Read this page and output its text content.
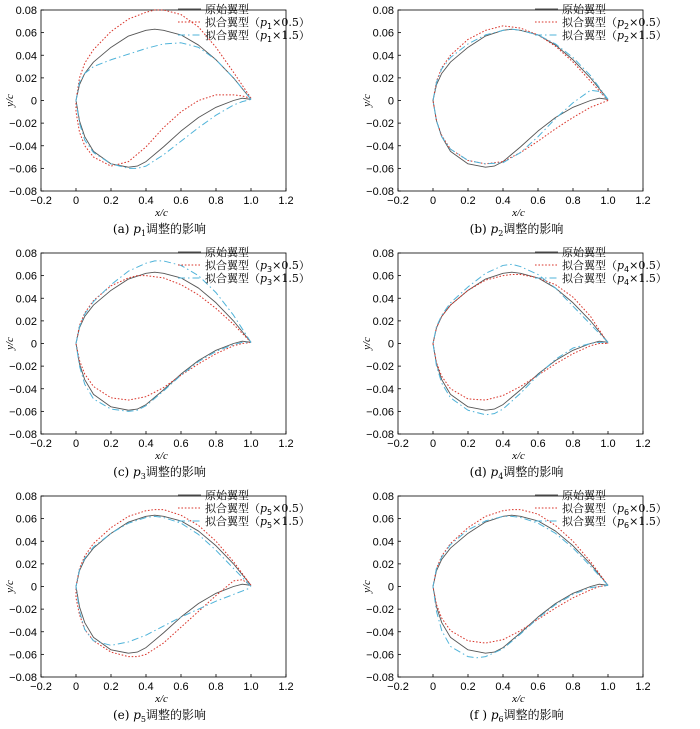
−0.2 0 0.2 0.4 0.6 0.8 1.0 1.2
0.08
0.06
0.04
0.02
0
−0.02
−0.04
−0.06
−0.08
x/c
y/c
原始翼型
拟合翼型$(p_1\times 0.5)$
拟合翼型$(p_1\times 1.5)$
(a) $p_1$调整的影响
−0.2 0 0.2 0.4 0.6 0.8 1.0 1.2
0.08
0.06
0.04
0.02
0
−0.02
−0.04
−0.06
−0.08
x/c
y/c
原始翼型
拟合翼型$(p_2\times 0.5)$
拟合翼型$(p_2\times 1.5)$
(b) $p_2$调整的影响
−0.2 0 0.2 0.4 0.6 0.8 1.0 1.2
0.08
0.06
0.04
0.02
0
−0.02
−0.04
−0.06
−0.08
x/c
y/c
原始翼型
拟合翼型$(p_3\times 0.5)$
拟合翼型$(p_3\times 1.5)$
(c) $p_3$调整的影响
−0.2 0 0.2 0.4 0.6 0.8 1.0 1.2
0.08
0.06
0.04
0.02
0
−0.02
−0.04
−0.06
−0.08
x/c
y/c
原始翼型
拟合翼型$(p_4\times 0.5)$
拟合翼型$(p_4\times 1.5)$
(d) $p_4$调整的影响
−0.2 0 0.2 0.4 0.6 0.8 1.0 1.2
0.08
0.06
0.04
0.02
0
−0.02
−0.04
−0.06
−0.08
x/c
y/c
原始翼型
拟合翼型$(p_5\times 0.5)$
拟合翼型$(p_5\times 1.5)$
(e) $p_5$调整的影响
−0.2 0 0.2 0.4 0.6 0.8 1.0 1.2
0.08
0.06
0.04
0.02
0
−0.02
−0.04
−0.06
−0.08
x/c
y/c
原始翼型
拟合翼型$(p_6\times 0.5)$
拟合翼型$(p_6\times 1.5)$
(f ) $p_6$调整的影响
